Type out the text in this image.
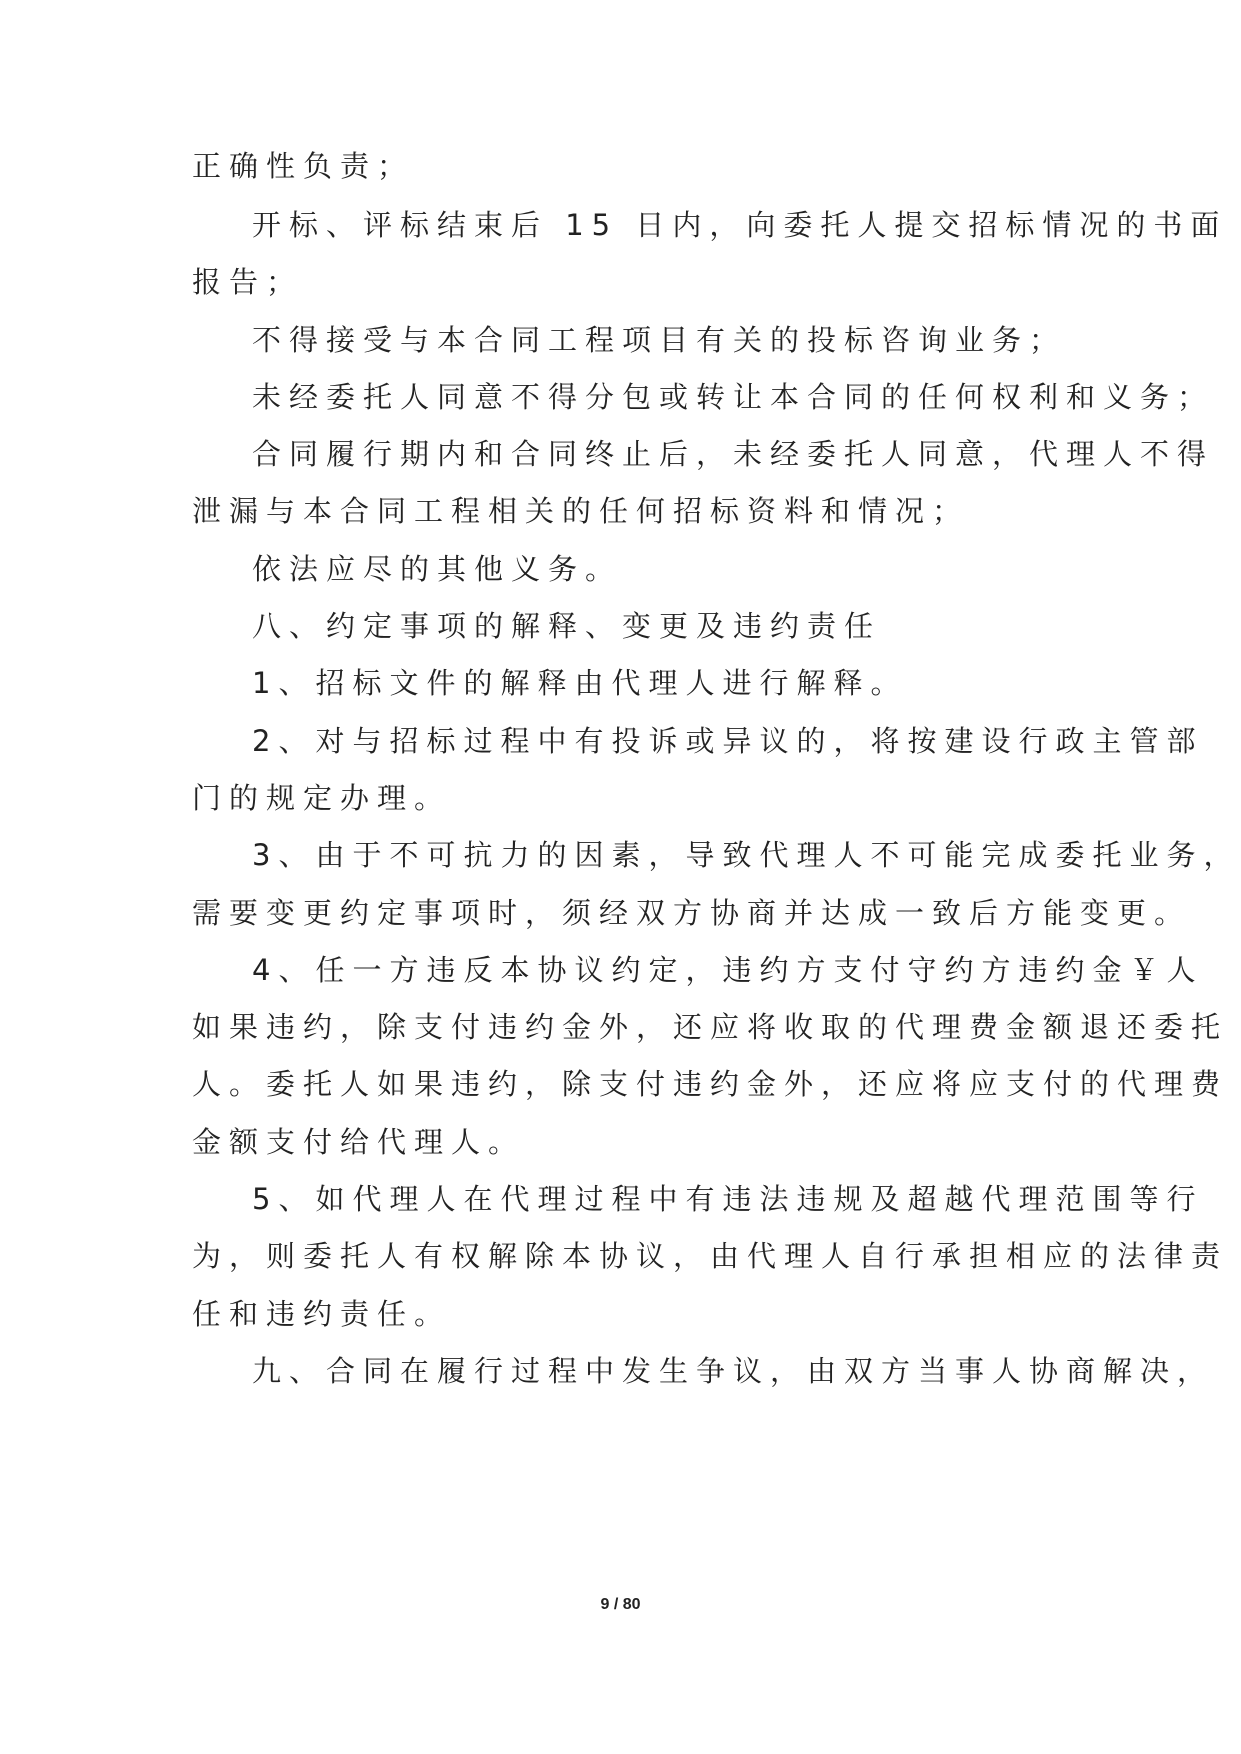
正确性负责；
开标、评标结束后 15 日内，向委托人提交招标情况的书面
报告；
不得接受与本合同工程项目有关的投标咨询业务；
未经委托人同意不得分包或转让本合同的任何权利和义务；
合同履行期内和合同终止后，未经委托人同意，代理人不得
泄漏与本合同工程相关的任何招标资料和情况；
依法应尽的其他义务。
八、约定事项的解释、变更及违约责任
1、招标文件的解释由代理人进行解释。
2、对与招标过程中有投诉或异议的，将按建设行政主管部
门的规定办理。
3、由于不可抗力的因素，导致代理人不可能完成委托业务，
需要变更约定事项时，须经双方协商并达成一致后方能变更。
4、任一方违反本协议约定，违约方支付守约方违约金￥人
如果违约，除支付违约金外，还应将收取的代理费金额退还委托
人。委托人如果违约，除支付违约金外，还应将应支付的代理费
金额支付给代理人。
5、如代理人在代理过程中有违法违规及超越代理范围等行
为，则委托人有权解除本协议，由代理人自行承担相应的法律责
任和违约责任。
九、合同在履行过程中发生争议，由双方当事人协商解决，
9 / 80
